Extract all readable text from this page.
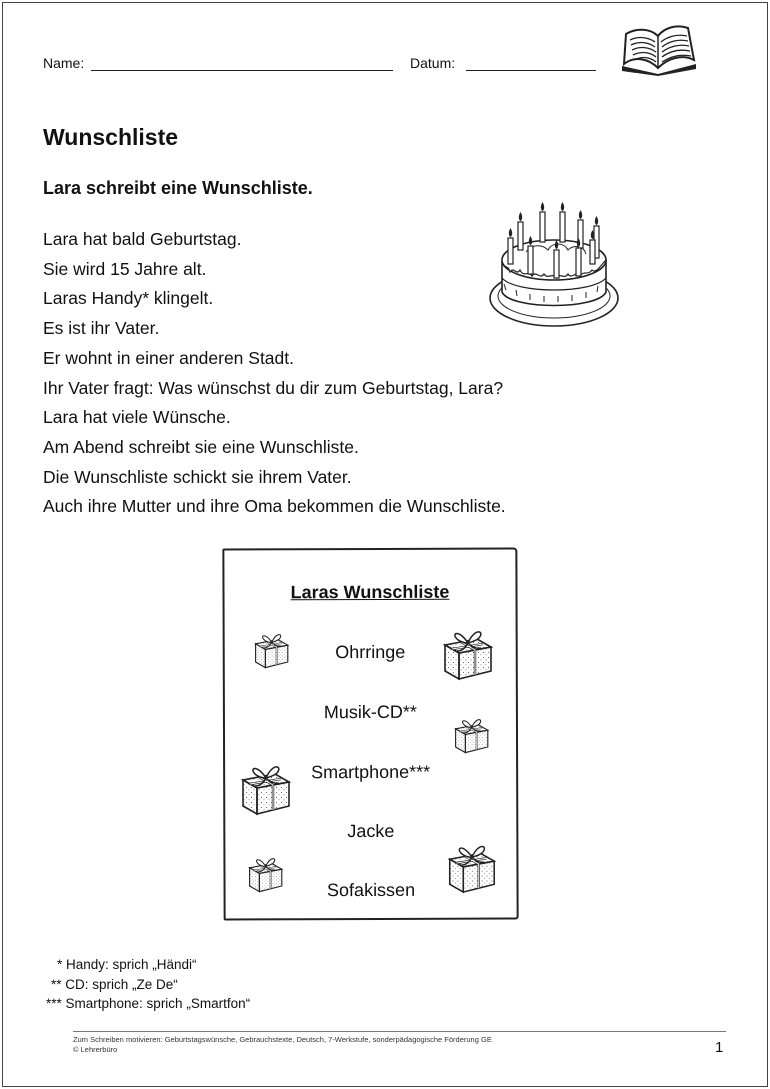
Name:	Datum:
Wunschliste
Lara schreibt eine Wunschliste.

Lara hat bald Geburtstag.

Sie wird 15 Jahre alt.

Laras Handy* klingelt.

Es ist ihr Vater.

Er wohnt in einer anderen Stadt.

Ihr Vater fragt: Was wünschst du dir zum Geburtstag, Lara?

Lara hat viele Wünsche.

Am Abend schreibt sie eine Wunschliste.

Die Wunschliste schickt sie ihrem Vater.

Auch ihre Mutter und ihre Oma bekommen die Wunschliste.

Laras Wunschliste
Ohrringe
Musik-CD**
Smartphone***
Jacke
Sofakissen

* Handy: sprich „Händi“

** CD: sprich „Ze De“

*** Smartphone: sprich „Smartfon“

Zum Schreiben motivieren: Geburtstagswünsche, Gebrauchstexte, Deutsch, 7-Werkstufe, sonderpädagogische Förderung GE
© Lehrerbüro	1
